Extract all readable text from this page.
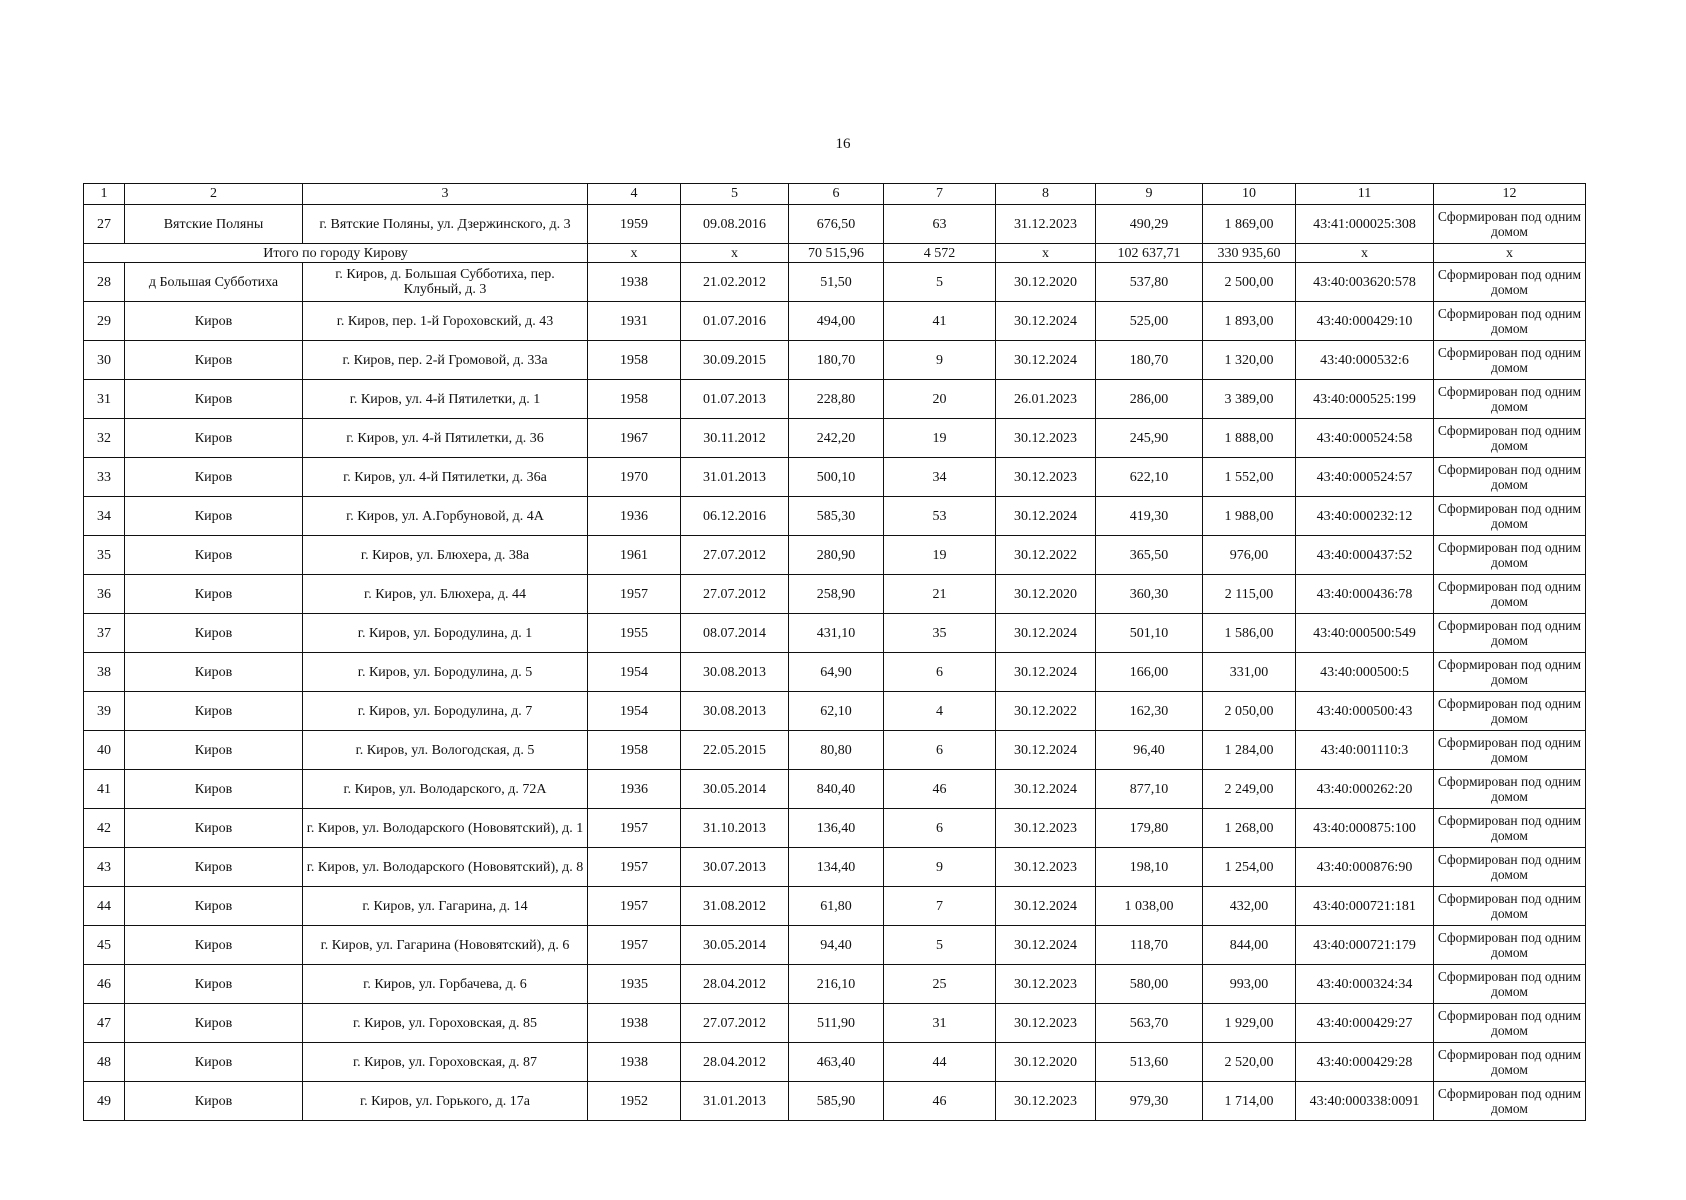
16
1	2	3	4	5	6	7	8	9	10	11	12
27	Вятские Поляны	г. Вятские Поляны, ул. Дзержинского, д. 3	1959	09.08.2016	676,50	63	31.12.2023	490,29	1 869,00	43:41:000025:308	Сформирован под одним домом
Итого по городу Кирову			х	х	70 515,96	4 572	х	102 637,71	330 935,60	х	х
28	д Большая Субботиха	г. Киров, д. Большая Субботиха, пер. Клубный, д. 3	1938	21.02.2012	51,50	5	30.12.2020	537,80	2 500,00	43:40:003620:578	Сформирован под одним домом
29	Киров	г. Киров, пер. 1-й Гороховский, д. 43	1931	01.07.2016	494,00	41	30.12.2024	525,00	1 893,00	43:40:000429:10	Сформирован под одним домом
30	Киров	г. Киров, пер. 2-й Громовой, д. 33а	1958	30.09.2015	180,70	9	30.12.2024	180,70	1 320,00	43:40:000532:6	Сформирован под одним домом
31	Киров	г. Киров, ул. 4-й Пятилетки, д. 1	1958	01.07.2013	228,80	20	26.01.2023	286,00	3 389,00	43:40:000525:199	Сформирован под одним домом
32	Киров	г. Киров, ул. 4-й Пятилетки, д. 36	1967	30.11.2012	242,20	19	30.12.2023	245,90	1 888,00	43:40:000524:58	Сформирован под одним домом
33	Киров	г. Киров, ул. 4-й Пятилетки, д. 36а	1970	31.01.2013	500,10	34	30.12.2023	622,10	1 552,00	43:40:000524:57	Сформирован под одним домом
34	Киров	г. Киров, ул. А.Горбуновой, д. 4А	1936	06.12.2016	585,30	53	30.12.2024	419,30	1 988,00	43:40:000232:12	Сформирован под одним домом
35	Киров	г. Киров, ул. Блюхера, д. 38а	1961	27.07.2012	280,90	19	30.12.2022	365,50	976,00	43:40:000437:52	Сформирован под одним домом
36	Киров	г. Киров, ул. Блюхера, д. 44	1957	27.07.2012	258,90	21	30.12.2020	360,30	2 115,00	43:40:000436:78	Сформирован под одним домом
37	Киров	г. Киров, ул. Бородулина, д. 1	1955	08.07.2014	431,10	35	30.12.2024	501,10	1 586,00	43:40:000500:549	Сформирован под одним домом
38	Киров	г. Киров, ул. Бородулина, д. 5	1954	30.08.2013	64,90	6	30.12.2024	166,00	331,00	43:40:000500:5	Сформирован под одним домом
39	Киров	г. Киров, ул. Бородулина, д. 7	1954	30.08.2013	62,10	4	30.12.2022	162,30	2 050,00	43:40:000500:43	Сформирован под одним домом
40	Киров	г. Киров, ул. Вологодская, д. 5	1958	22.05.2015	80,80	6	30.12.2024	96,40	1 284,00	43:40:001110:3	Сформирован под одним домом
41	Киров	г. Киров, ул. Володарского, д. 72А	1936	30.05.2014	840,40	46	30.12.2024	877,10	2 249,00	43:40:000262:20	Сформирован под одним домом
42	Киров	г. Киров, ул. Володарского (Нововятский), д. 1	1957	31.10.2013	136,40	6	30.12.2023	179,80	1 268,00	43:40:000875:100	Сформирован под одним домом
43	Киров	г. Киров, ул. Володарского (Нововятский), д. 8	1957	30.07.2013	134,40	9	30.12.2023	198,10	1 254,00	43:40:000876:90	Сформирован под одним домом
44	Киров	г. Киров, ул. Гагарина, д. 14	1957	31.08.2012	61,80	7	30.12.2024	1 038,00	432,00	43:40:000721:181	Сформирован под одним домом
45	Киров	г. Киров, ул. Гагарина (Нововятский), д. 6	1957	30.05.2014	94,40	5	30.12.2024	118,70	844,00	43:40:000721:179	Сформирован под одним домом
46	Киров	г. Киров, ул. Горбачева, д. 6	1935	28.04.2012	216,10	25	30.12.2023	580,00	993,00	43:40:000324:34	Сформирован под одним домом
47	Киров	г. Киров, ул. Гороховская, д. 85	1938	27.07.2012	511,90	31	30.12.2023	563,70	1 929,00	43:40:000429:27	Сформирован под одним домом
48	Киров	г. Киров, ул. Гороховская, д. 87	1938	28.04.2012	463,40	44	30.12.2020	513,60	2 520,00	43:40:000429:28	Сформирован под одним домом
49	Киров	г. Киров, ул. Горького, д. 17а	1952	31.01.2013	585,90	46	30.12.2023	979,30	1 714,00	43:40:000338:0091	Сформирован под одним домом
